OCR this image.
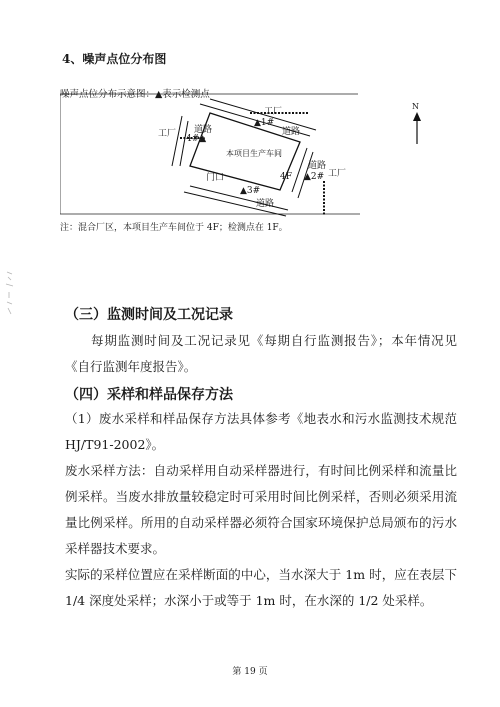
4、噪声点位分布图
噪声点位分布示意图：▲表示检测点
工厂
工厂
工厂
道路	道路
道路
道路
本项目生产车间
4F
门口
▲1#
4#▲
▲2#
▲3#
N
注：混合厂区，本项目生产车间位于 4F；检测点在 1F。
（三）监测时间及工况记录
每期监测时间及工况记录见《每期自行监测报告》；本年情况见《自行监测年度报告》。
（四）采样和样品保存方法
（1）废水采样和样品保存方法具体参考《地表水和污水监测技术规范 HJ/T91-2002》。
废水采样方法：自动采样用自动采样器进行，有时间比例采样和流量比例采样。当废水排放量较稳定时可采用时间比例采样，否则必须采用流量比例采样。所用的自动采样器必须符合国家环境保护总局颁布的污水采样器技术要求。
实际的采样位置应在采样断面的中心，当水深大于 1m 时，应在表层下 1/4 深度处采样；水深小于或等于 1m 时，在水深的 1/2 处采样。
第 19 页
